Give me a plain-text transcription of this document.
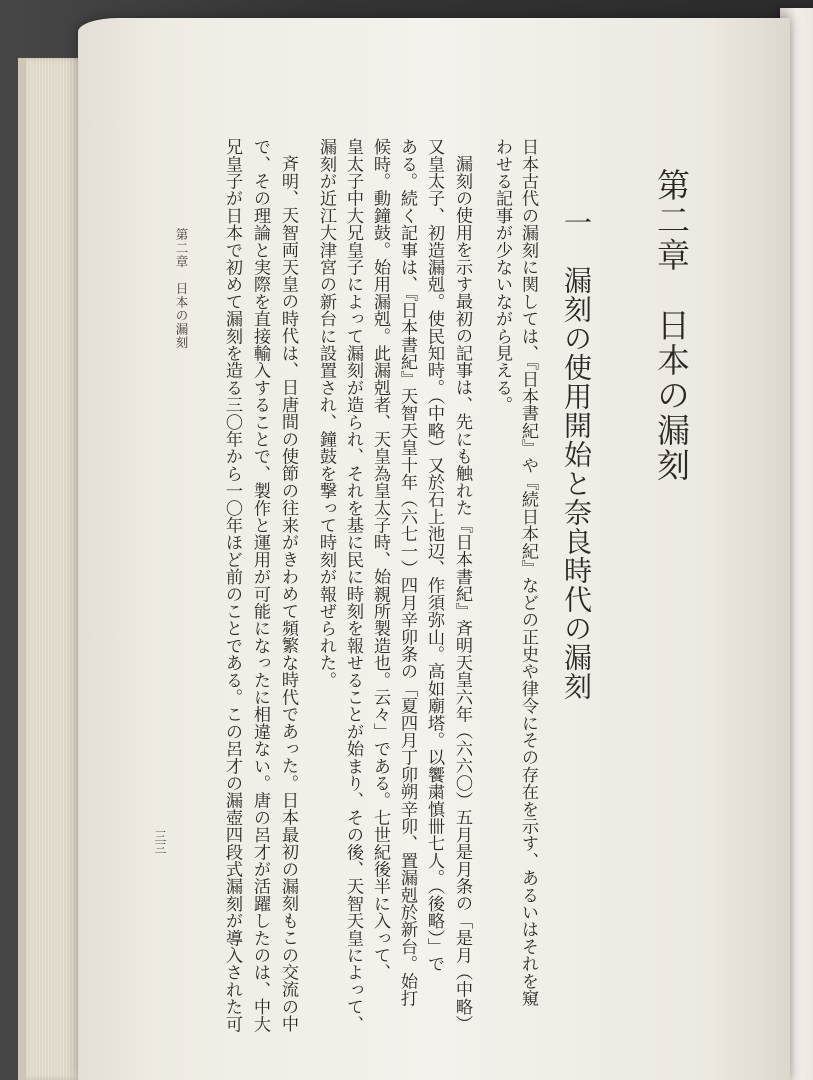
第二章　日本の漏刻
一　漏刻の使用開始と奈良時代の漏刻
日本古代の漏刻に関しては、『日本書紀』や『続日本紀』などの正史や律令にその存在を示す、あるいはそれを窺
わせる記事が少ないながら見える。
漏刻の使用を示す最初の記事は、先にも触れた『日本書紀』斉明天皇六年（六六〇）五月是月条の「是月（中略）
又皇太子、初造漏剋。使民知時。（中略）又於石上池辺、作須弥山。高如廟塔。以饗粛慎卌七人。（後略）」で
ある。続く記事は、『日本書紀』天智天皇十年（六七一）四月辛卯条の「夏四月丁卯朔辛卯、置漏剋於新台。始打
候時。動鐘鼓。始用漏剋。此漏剋者、天皇為皇太子時、始親所製造也。云々」である。七世紀後半に入って、
皇太子中大兄皇子によって漏刻が造られ、それを基に民に時刻を報せることが始まり、その後、天智天皇によって、
漏刻が近江大津宮の新台に設置され、鐘鼓を撃って時刻が報ぜられた。
斉明、天智両天皇の時代は、日唐間の使節の往来がきわめて頻繁な時代であった。日本最初の漏刻もこの交流の中
で、その理論と実際を直接輸入することで、製作と運用が可能になったに相違ない。唐の呂才が活躍したのは、中大
兄皇子が日本で初めて漏刻を造る三〇年から一〇年ほど前のことである。この呂才の漏壺四段式漏刻が導入された可
第二章　日本の漏刻
三三
